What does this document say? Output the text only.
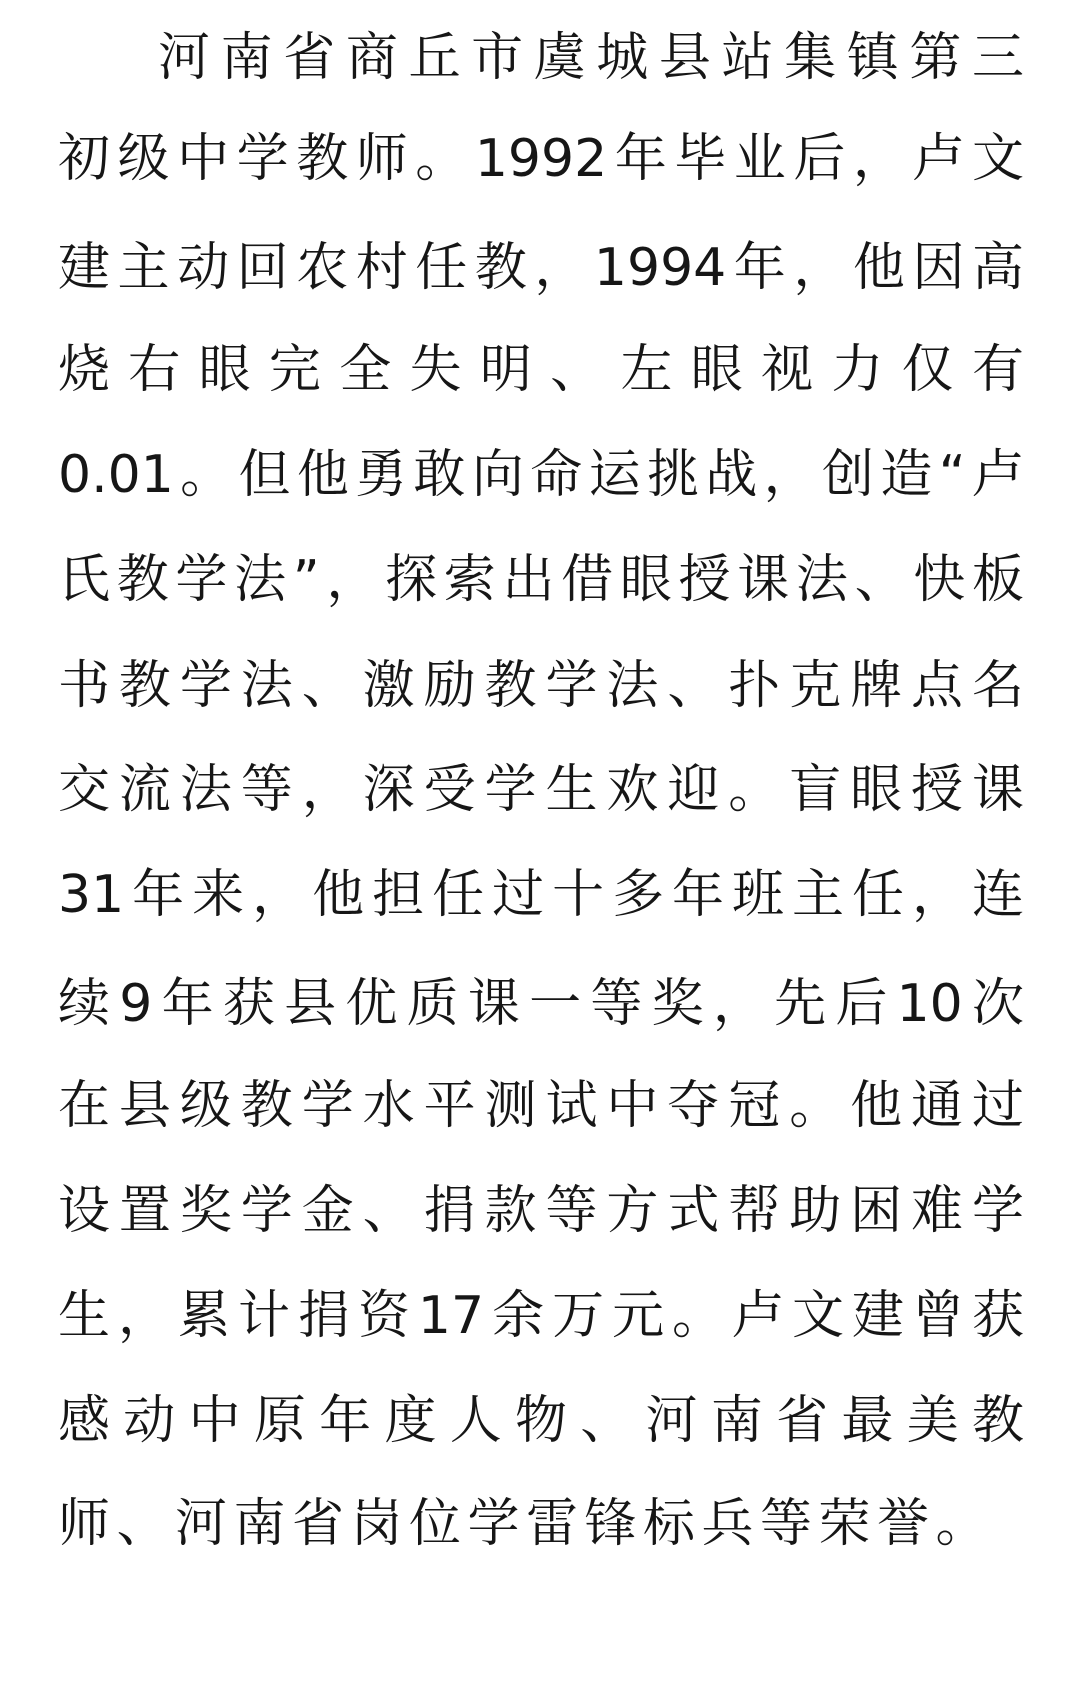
河南省商丘市虞城县站集镇第三
初级中学教师。1992年毕业后，卢文
建主动回农村任教，1994年，他因高
烧右眼完全失明、左眼视力仅有
0.01。但他勇敢向命运挑战，创造“卢
氏教学法”，探索出借眼授课法、快板
书教学法、激励教学法、扑克牌点名
交流法等，深受学生欢迎。盲眼授课
31年来，他担任过十多年班主任，连
续9年获县优质课一等奖，先后10次
在县级教学水平测试中夺冠。他通过
设置奖学金、捐款等方式帮助困难学
生，累计捐资17余万元。卢文建曾获
感动中原年度人物、河南省最美教
师、河南省岗位学雷锋标兵等荣誉。
